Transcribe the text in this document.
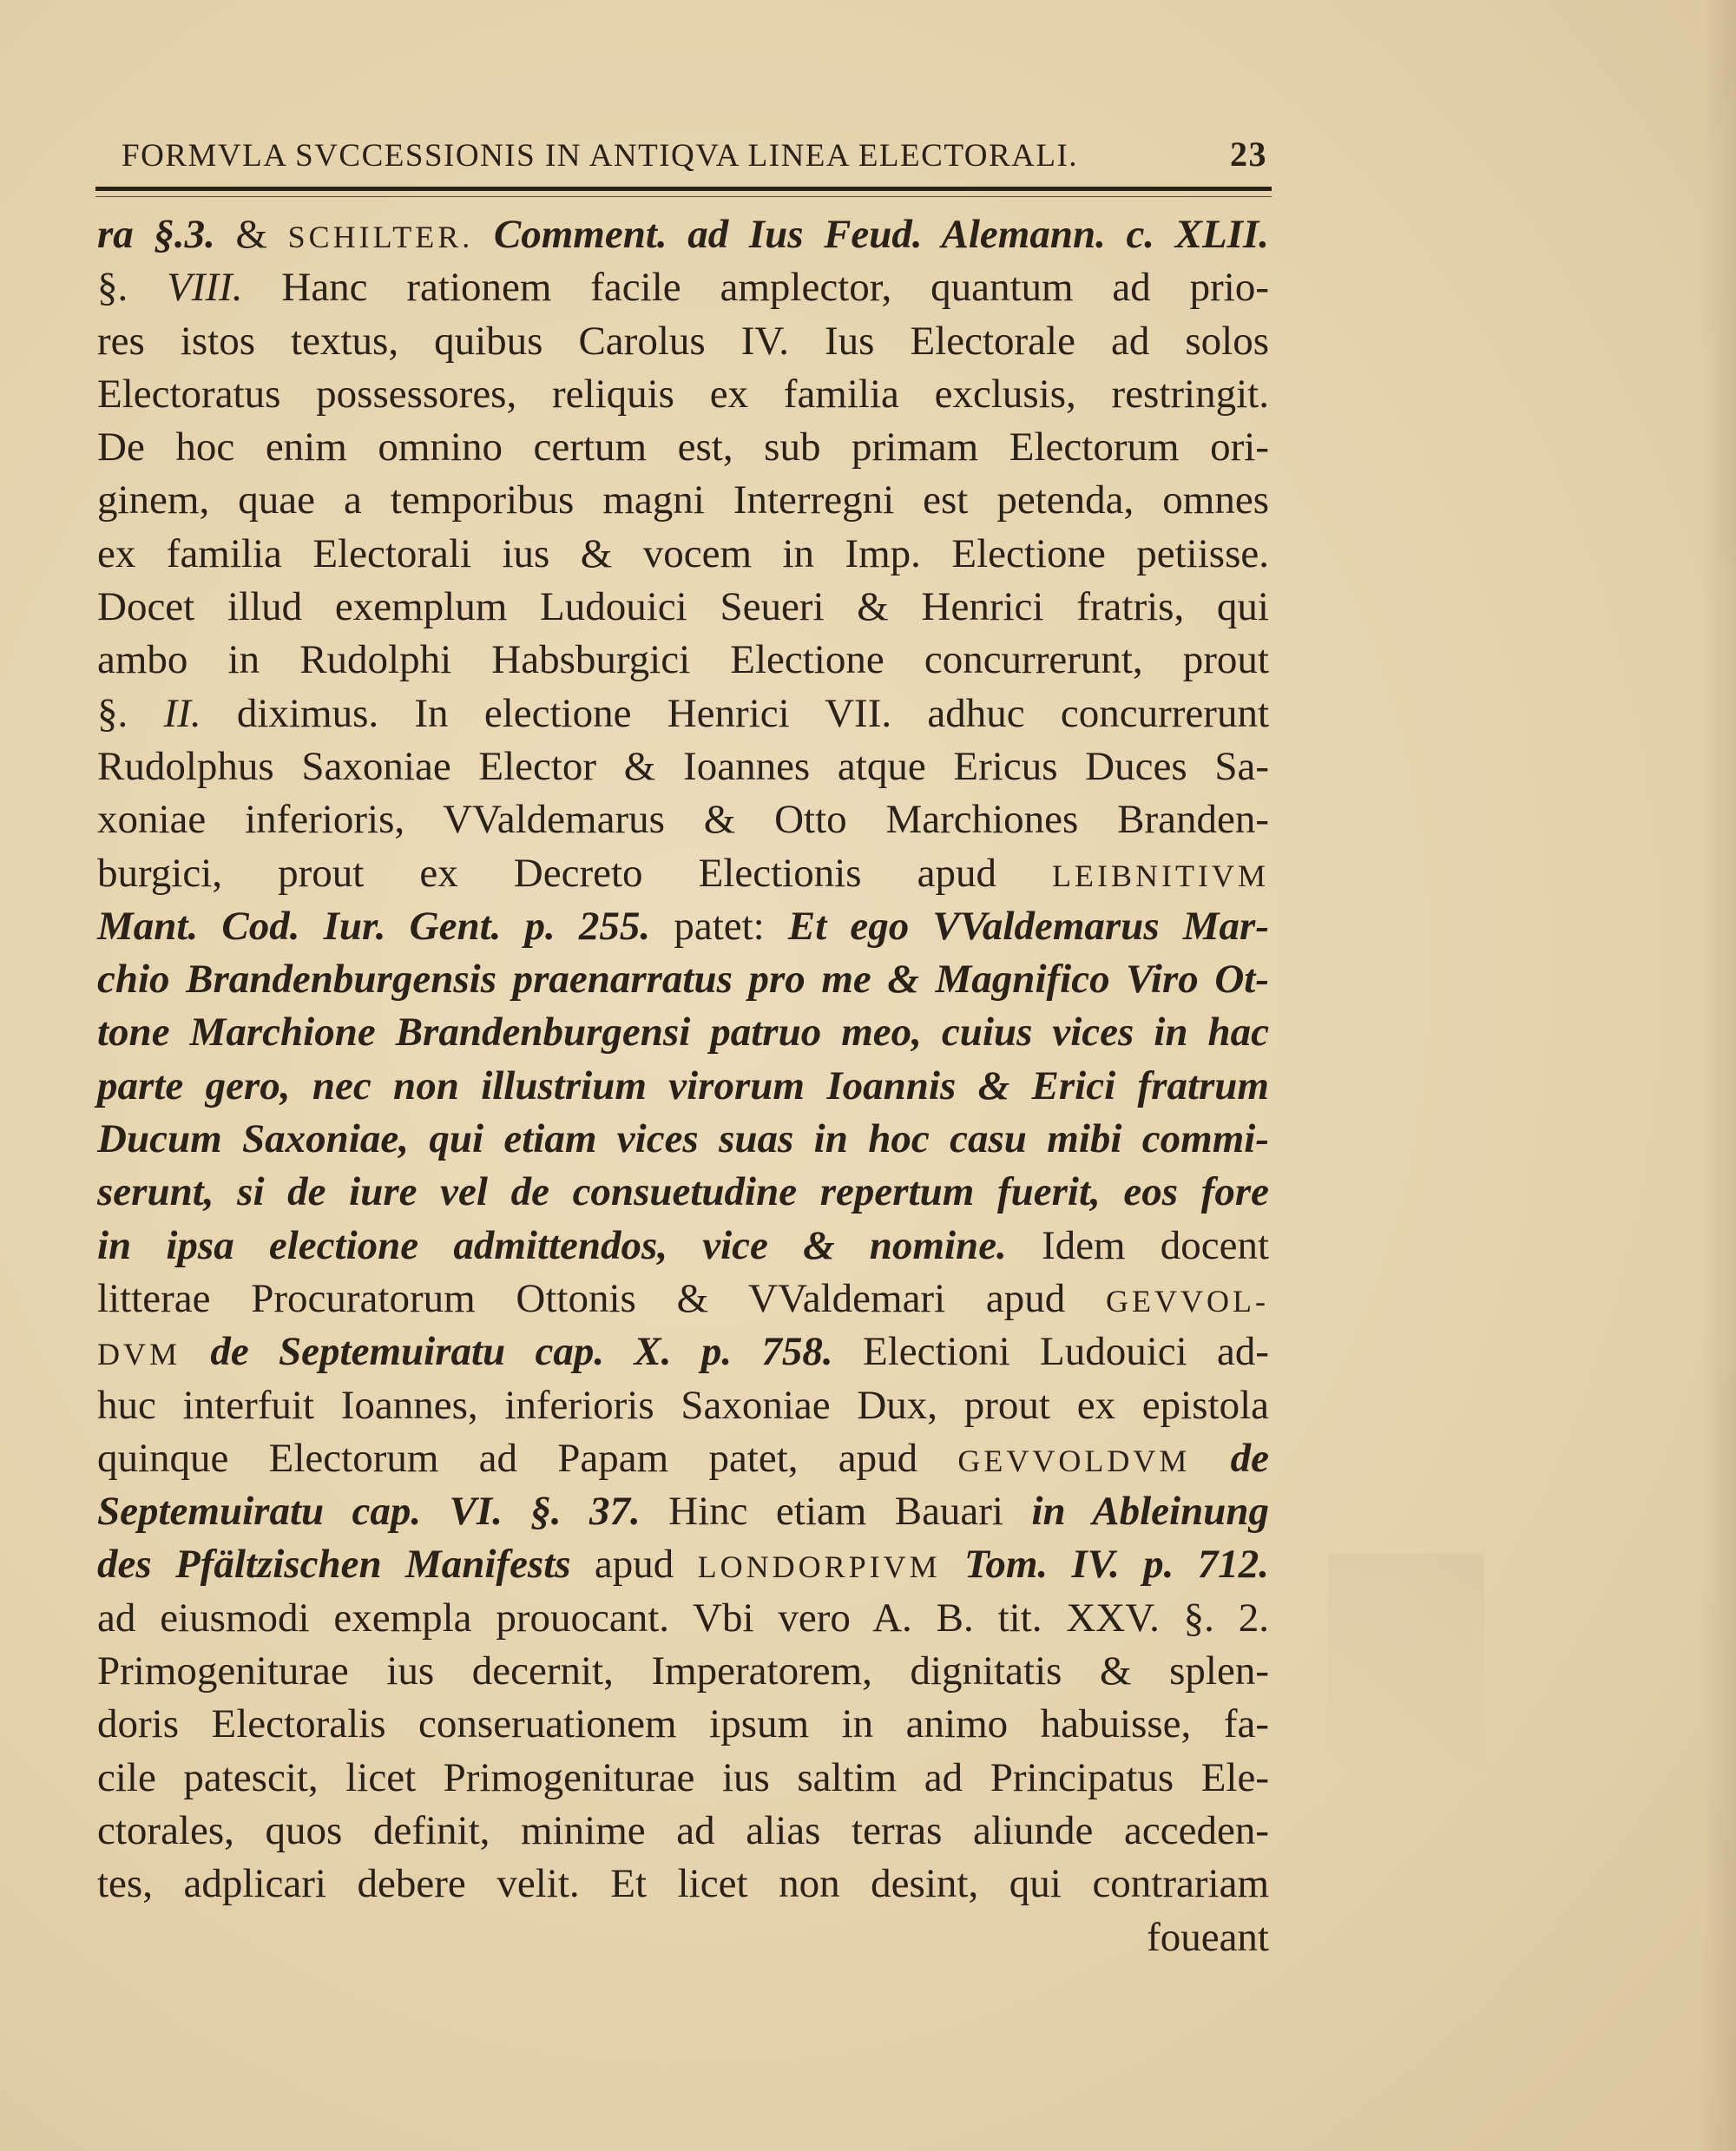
FORMVLA SVCCESSIONIS IN ANTIQVA LINEA ELECTORALI.	23
ra §.3. & SCHILTER. Comment. ad Ius Feud. Alemann. c. XLII.
§. VIII. Hanc rationem facile amplector, quantum ad prio-
res istos textus, quibus Carolus IV. Ius Electorale ad solos
Electoratus possessores, reliquis ex familia exclusis, restringit.
De hoc enim omnino certum est, sub primam Electorum ori-
ginem, quae a temporibus magni Interregni est petenda, omnes
ex familia Electorali ius & vocem in Imp. Electione petiisse.
Docet illud exemplum Ludouici Seueri & Henrici fratris, qui
ambo in Rudolphi Habsburgici Electione concurrerunt, prout
§. II. diximus. In electione Henrici VII. adhuc concurrerunt
Rudolphus Saxoniae Elector & Ioannes atque Ericus Duces Sa-
xoniae inferioris, VValdemarus & Otto Marchiones Branden-
burgici, prout ex Decreto Electionis apud LEIBNITIVM
Mant. Cod. Iur. Gent. p. 255. patet: Et ego VValdemarus Mar-
chio Brandenburgensis praenarratus pro me & Magnifico Viro Ot-
tone Marchione Brandenburgensi patruo meo, cuius vices in hac
parte gero, nec non illustrium virorum Ioannis & Erici fratrum
Ducum Saxoniae, qui etiam vices suas in hoc casu mibi commi-
serunt, si de iure vel de consuetudine repertum fuerit, eos fore
in ipsa electione admittendos, vice & nomine. Idem docent
litterae Procuratorum Ottonis & VValdemari apud GEVVOL-
DVM de Septemuiratu cap. X. p. 758. Electioni Ludouici ad-
huc interfuit Ioannes, inferioris Saxoniae Dux, prout ex epistola
quinque Electorum ad Papam patet, apud GEVVOLDVM de
Septemuiratu cap. VI. §. 37. Hinc etiam Bauari in Ableinung
des Pfältzischen Manifests apud LONDORPIVM Tom. IV. p. 712.
ad eiusmodi exempla prouocant. Vbi vero A. B. tit. XXV. §. 2.
Primogeniturae ius decernit, Imperatorem, dignitatis & splen-
doris Electoralis conseruationem ipsum in animo habuisse, fa-
cile patescit, licet Primogeniturae ius saltim ad Principatus Ele-
ctorales, quos definit, minime ad alias terras aliunde acceden-
tes, adplicari debere velit. Et licet non desint, qui contrariam
foueant
